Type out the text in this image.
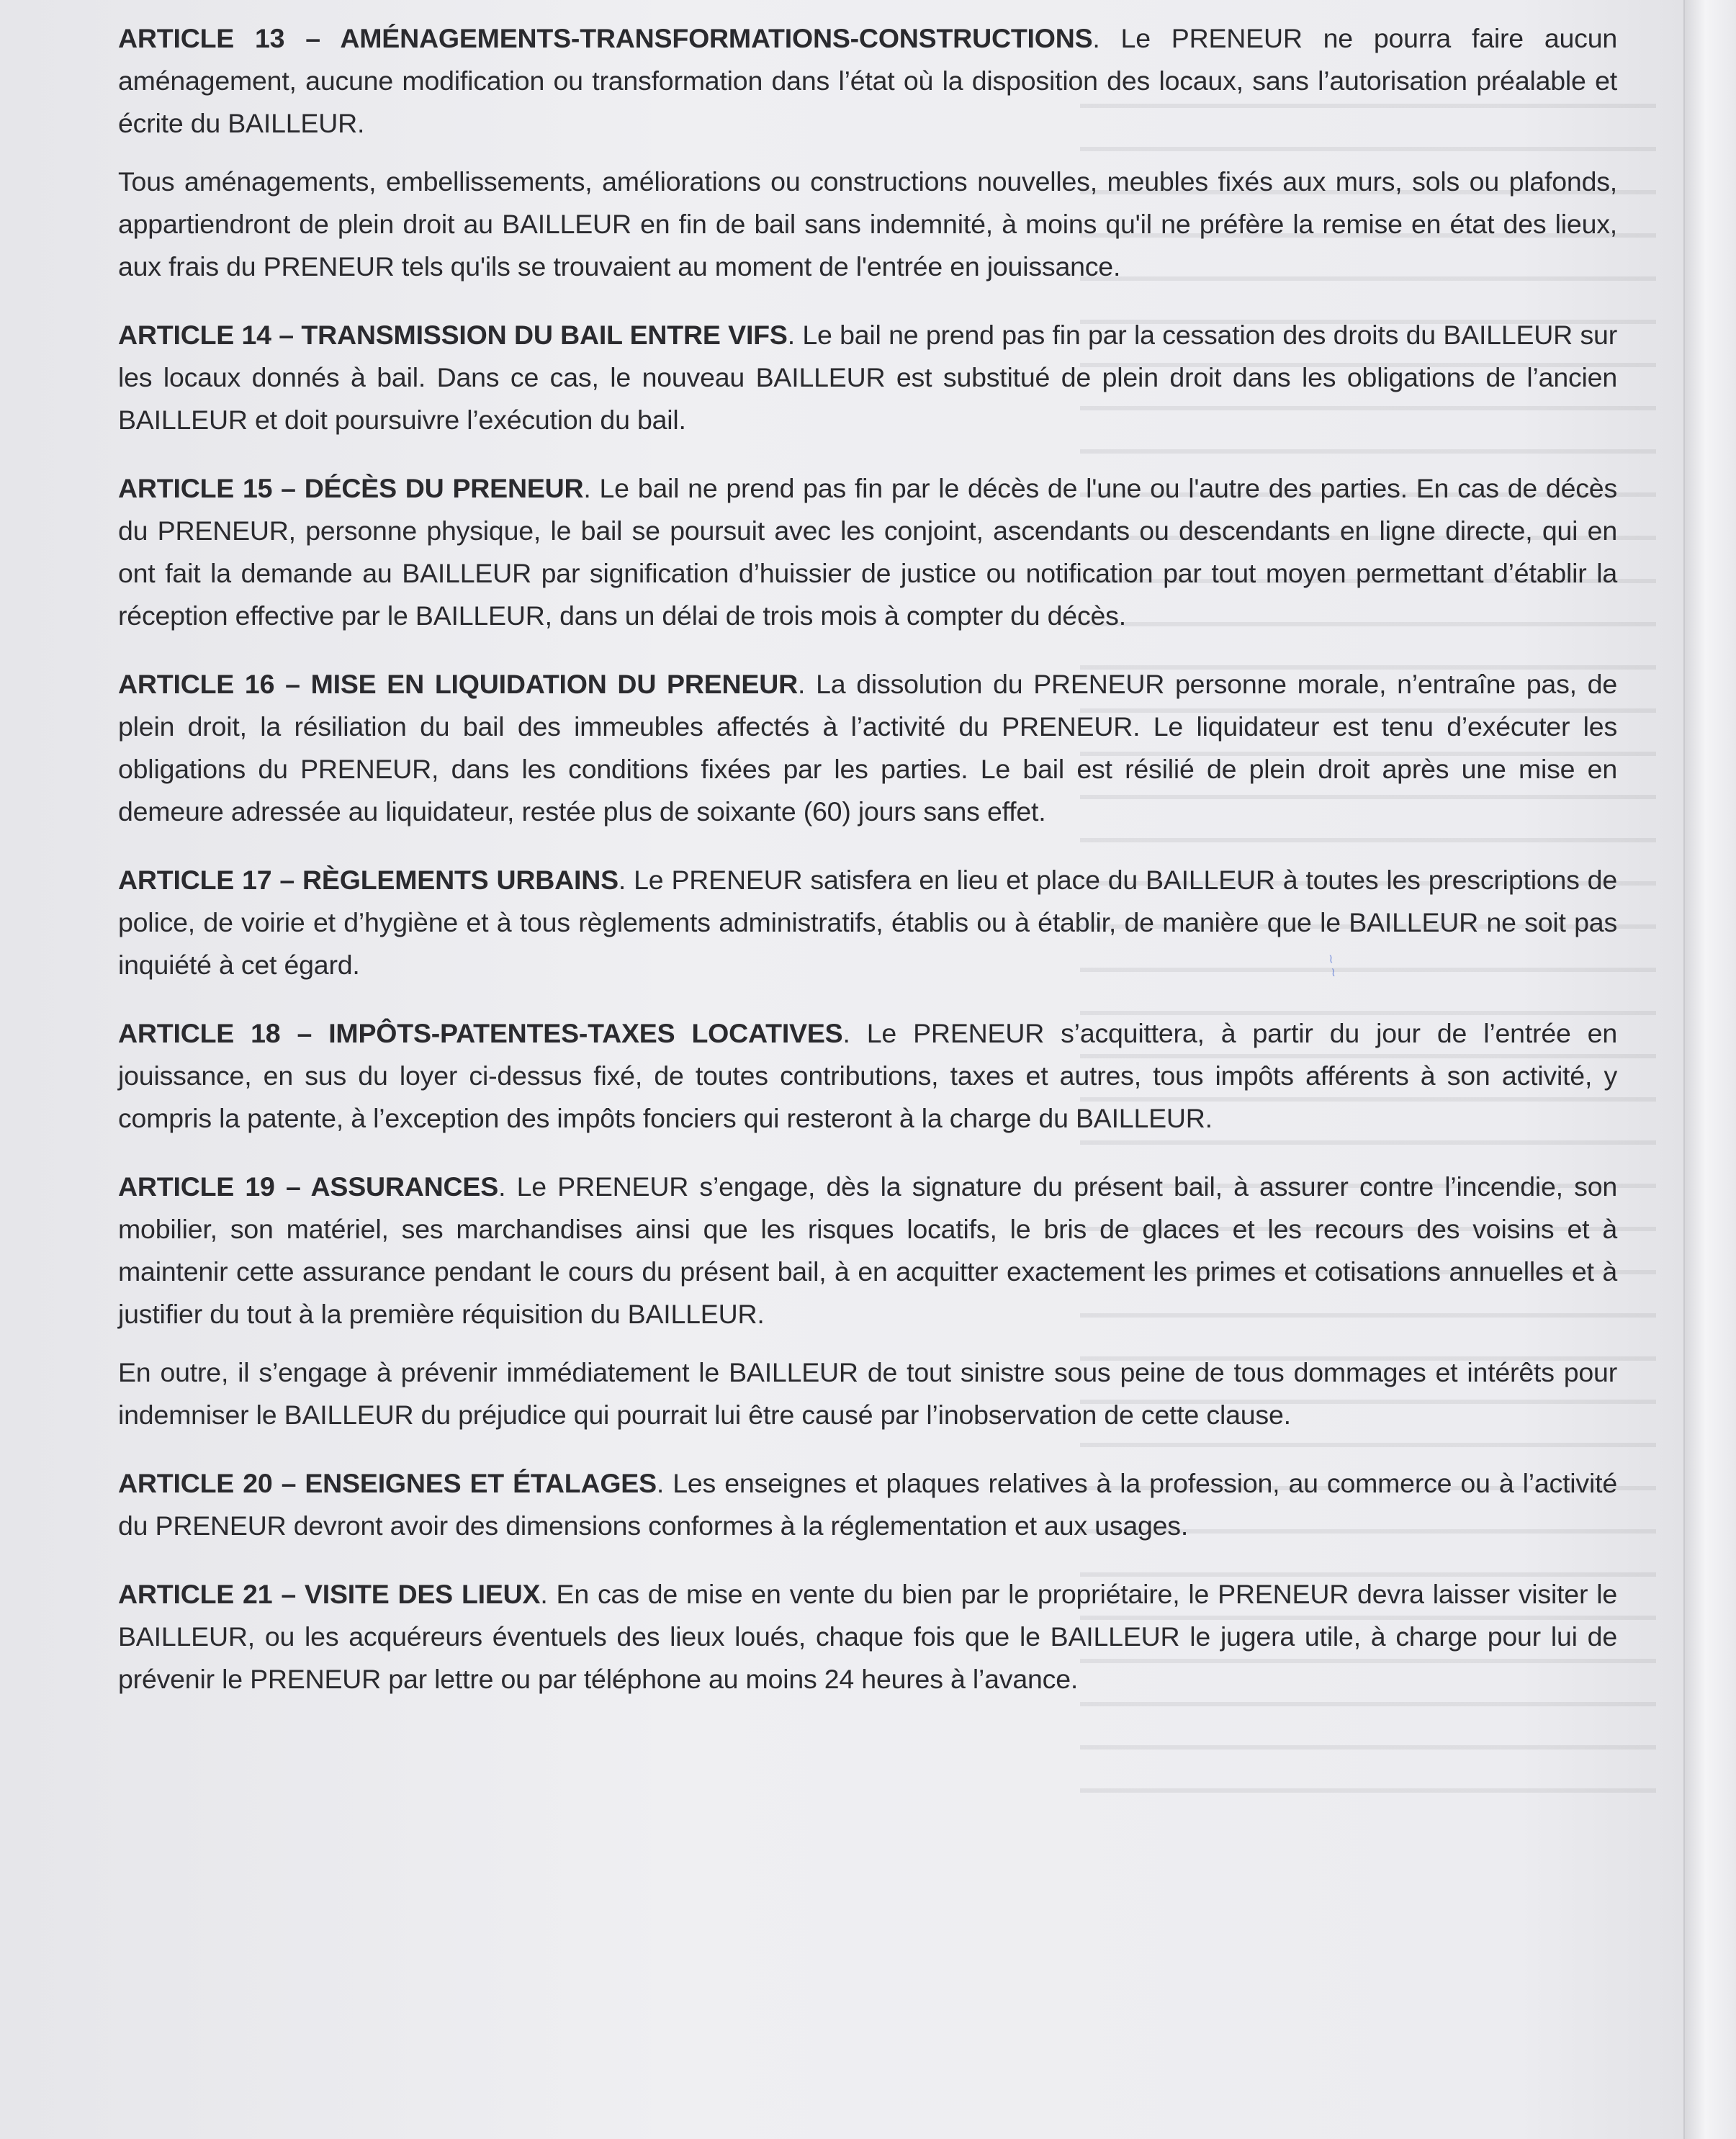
~ ~

ARTICLE 13 – AMÉNAGEMENTS-TRANSFORMATIONS-CONSTRUCTIONS. Le PRENEUR ne pourra faire aucun aménagement, aucune modification ou transformation dans l’état où la disposition des locaux, sans l’autorisation préalable et écrite du BAILLEUR.

Tous aménagements, embellissements, améliorations ou constructions nouvelles, meubles fixés aux murs, sols ou plafonds, appartiendront de plein droit au BAILLEUR en fin de bail sans indemnité, à moins qu'il ne préfère la remise en état des lieux, aux frais du PRENEUR tels qu'ils se trouvaient au moment de l'entrée en jouissance.

ARTICLE 14 – TRANSMISSION DU BAIL ENTRE VIFS. Le bail ne prend pas fin par la cessation des droits du BAILLEUR sur les locaux donnés à bail. Dans ce cas, le nouveau BAILLEUR est substitué de plein droit dans les obligations de l’ancien BAILLEUR et doit poursuivre l’exécution du bail.

ARTICLE 15 – DÉCÈS DU PRENEUR. Le bail ne prend pas fin par le décès de l'une ou l'autre des parties. En cas de décès du PRENEUR, personne physique, le bail se poursuit avec les conjoint, ascendants ou descendants en ligne directe, qui en ont fait la demande au BAILLEUR par signification d’huissier de justice ou notification par tout moyen permettant d’établir la réception effective par le BAILLEUR, dans un délai de trois mois à compter du décès.

ARTICLE 16 – MISE EN LIQUIDATION DU PRENEUR. La dissolution du PRENEUR personne morale, n’entraîne pas, de plein droit, la résiliation du bail des immeubles affectés à l’activité du PRENEUR. Le liquidateur est tenu d’exécuter les obligations du PRENEUR, dans les conditions fixées par les parties. Le bail est résilié de plein droit après une mise en demeure adressée au liquidateur, restée plus de soixante (60) jours sans effet.

ARTICLE 17 – RÈGLEMENTS URBAINS. Le PRENEUR satisfera en lieu et place du BAILLEUR à toutes les prescriptions de police, de voirie et d’hygiène et à tous règlements administratifs, établis ou à établir, de manière que le BAILLEUR ne soit pas inquiété à cet égard.

ARTICLE 18 – IMPÔTS-PATENTES-TAXES LOCATIVES. Le PRENEUR s’acquittera, à partir du jour de l’entrée en jouissance, en sus du loyer ci-dessus fixé, de toutes contributions, taxes et autres, tous impôts afférents à son activité, y compris la patente, à l’exception des impôts fonciers qui resteront à la charge du BAILLEUR.

ARTICLE 19 – ASSURANCES. Le PRENEUR s’engage, dès la signature du présent bail, à assurer contre l’incendie, son mobilier, son matériel, ses marchandises ainsi que les risques locatifs, le bris de glaces et les recours des voisins et à maintenir cette assurance pendant le cours du présent bail, à en acquitter exactement les primes et cotisations annuelles et à justifier du tout à la première réquisition du BAILLEUR.

En outre, il s’engage à prévenir immédiatement le BAILLEUR de tout sinistre sous peine de tous dommages et intérêts pour indemniser le BAILLEUR du préjudice qui pourrait lui être causé par l’inobservation de cette clause.

ARTICLE 20 – ENSEIGNES ET ÉTALAGES. Les enseignes et plaques relatives à la profession, au commerce ou à l’activité du PRENEUR devront avoir des dimensions conformes à la réglementation et aux usages.

ARTICLE 21 – VISITE DES LIEUX. En cas de mise en vente du bien par le propriétaire, le PRENEUR devra laisser visiter le BAILLEUR, ou les acquéreurs éventuels des lieux loués, chaque fois que le BAILLEUR le jugera utile, à charge pour lui de prévenir le PRENEUR par lettre ou par téléphone au moins 24 heures à l’avance.
